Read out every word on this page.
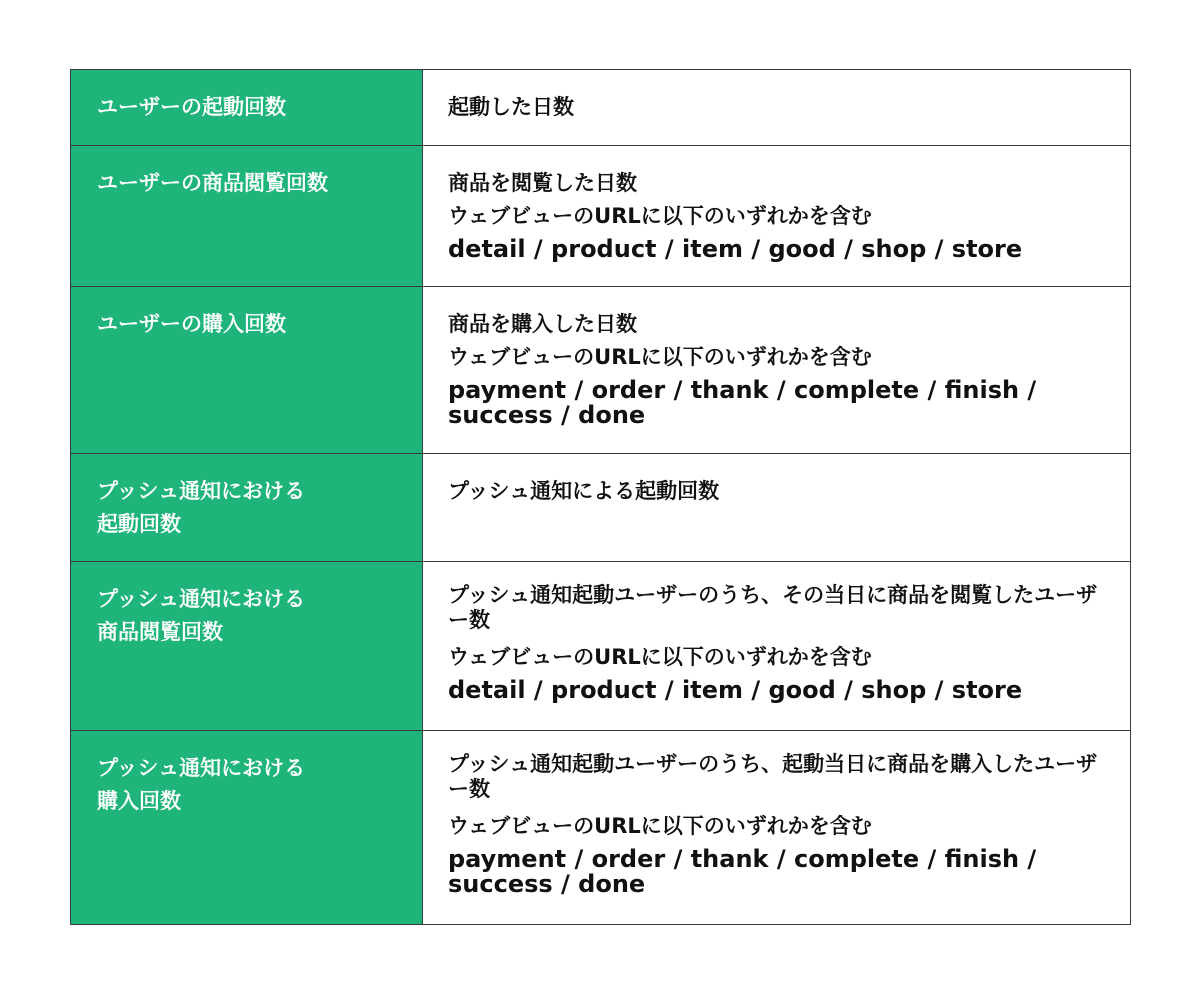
ユーザーの起動回数	起動した日数

ユーザーの商品閲覧回数	商品を閲覧した日数
ウェブビューのURLに以下のいずれかを含む
detail / product / item / good / shop / store

ユーザーの購入回数	商品を購入した日数
ウェブビューのURLに以下のいずれかを含む
payment / order / thank / complete / finish / success / done

プッシュ通知における
起動回数	プッシュ通知による起動回数

プッシュ通知における
商品閲覧回数	プッシュ通知起動ユーザーのうち、その当日に商品を閲覧したユーザー数
ウェブビューのURLに以下のいずれかを含む
detail / product / item / good / shop / store

プッシュ通知における
購入回数	プッシュ通知起動ユーザーのうち、起動当日に商品を購入したユーザー数
ウェブビューのURLに以下のいずれかを含む
payment / order / thank / complete / finish / success / done
